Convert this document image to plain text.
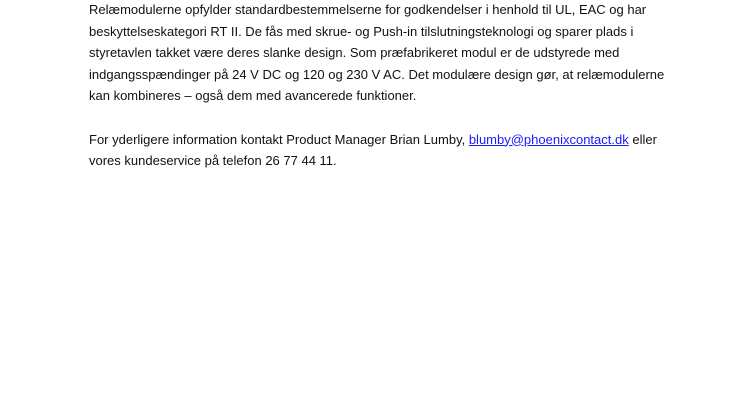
Relæmodulerne opfylder standardbestemmelserne for godkendelser i henhold til UL, EAC og har
beskyttelseskategori RT II. De fås med skrue- og Push-in tilslutningsteknologi og sparer plads i
styretavlen takket være deres slanke design. Som præfabrikeret modul er de udstyrede med
indgangsspændinger på 24 V DC og 120 og 230 V AC. Det modulære design gør, at relæmodulerne
kan kombineres – også dem med avancerede funktioner.
For yderligere information kontakt Product Manager Brian Lumby, blumby@phoenixcontact.dk eller
vores kundeservice på telefon 26 77 44 11.
